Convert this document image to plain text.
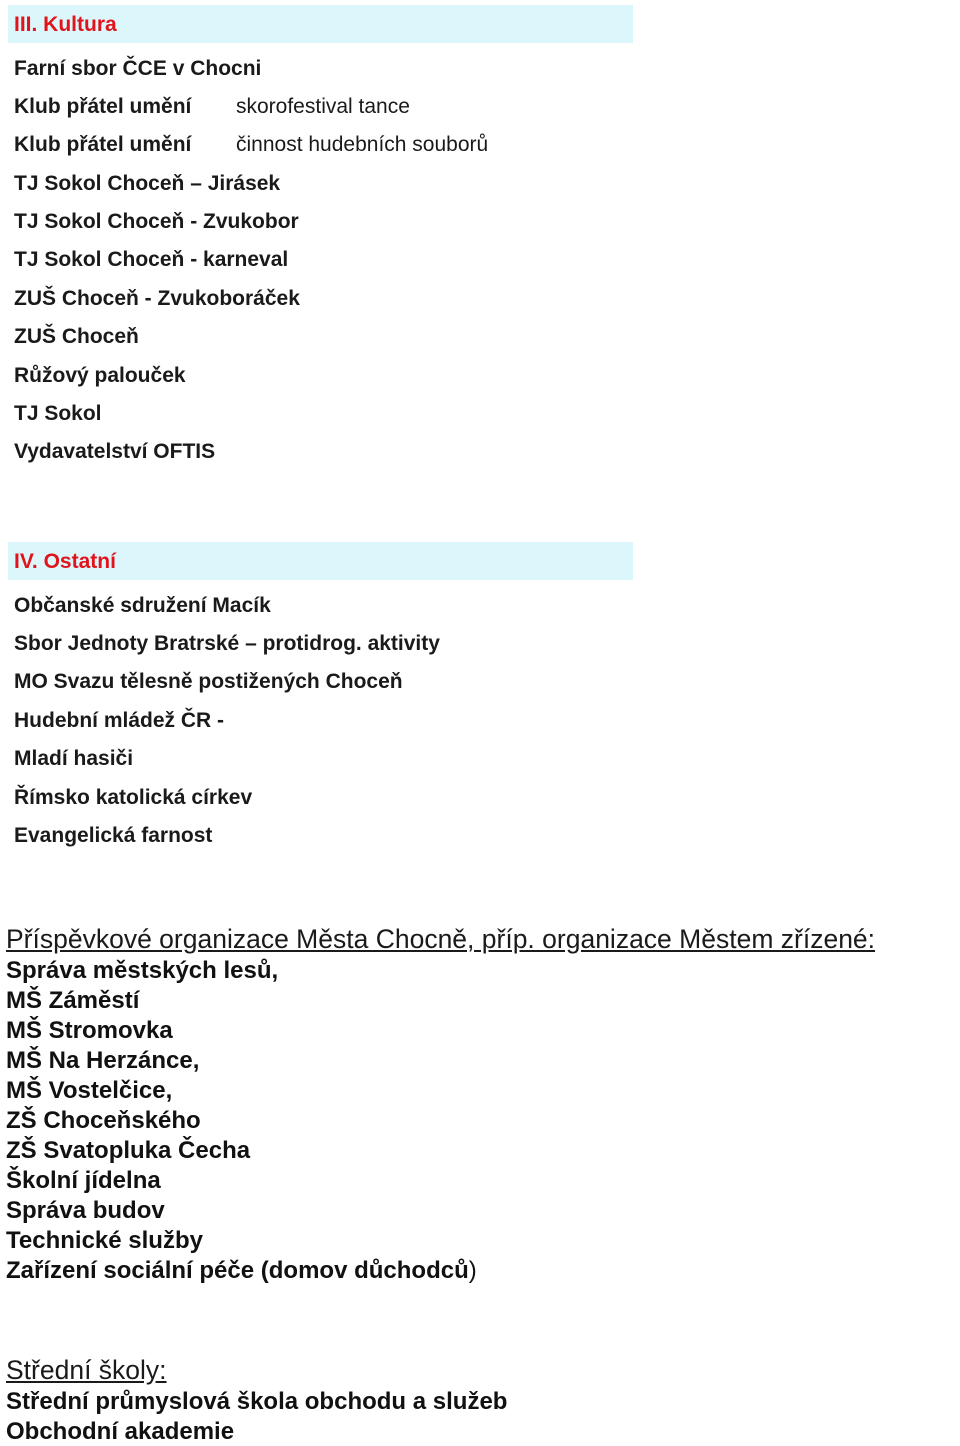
III. Kultura
Farní sbor ČCE v Chocni
Klub přátel umění skorofestival tance
Klub přátel umění činnost hudebních souborů
TJ Sokol Choceň – Jirásek
TJ Sokol Choceň - Zvukobor
TJ Sokol Choceň - karneval
ZUŠ Choceň - Zvukoboráček
ZUŠ Choceň
Růžový palouček
TJ Sokol
Vydavatelství OFTIS
IV. Ostatní
Občanské sdružení Macík
Sbor Jednoty Bratrské – protidrog. aktivity
MO Svazu tělesně postižených Choceň
Hudební mládež ČR -
Mladí hasiči
Římsko katolická církev
Evangelická farnost
Příspěvkové organizace Města Chocně, příp. organizace Městem zřízené:
Správa městských lesů,
MŠ Záměstí
MŠ Stromovka
MŠ Na Herzánce,
MŠ Vostelčice,
ZŠ Choceňského
ZŠ Svatopluka Čecha
Školní jídelna
Správa budov
Technické služby
Zařízení sociální péče (domov důchodců)
Střední školy:
Střední průmyslová škola obchodu a služeb
Obchodní akademie
